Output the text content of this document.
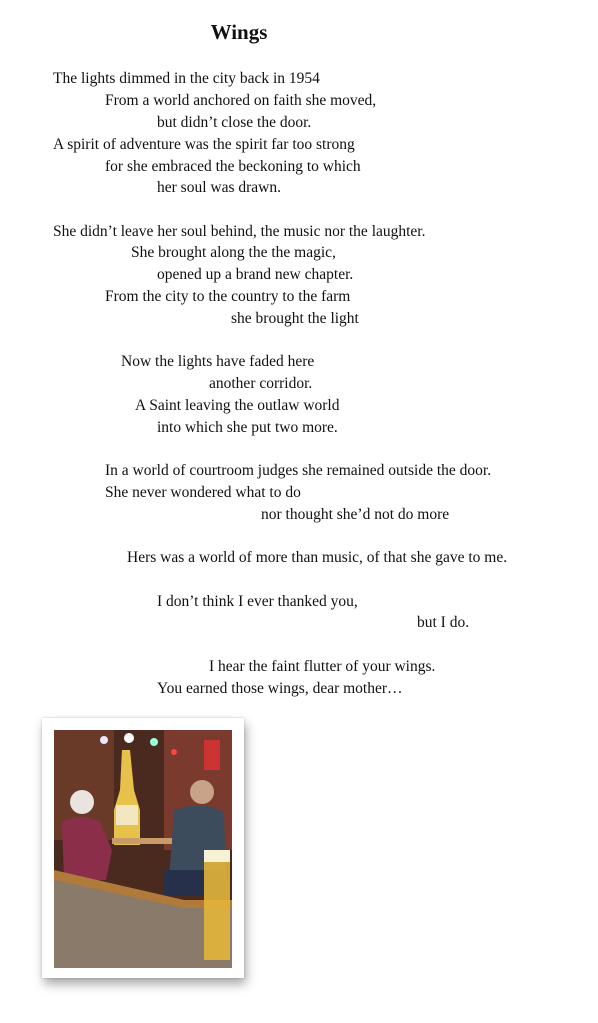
Wings
The lights dimmed in the city back in 1954
From a world anchored on faith she moved,
but didn’t close the door.
A spirit of adventure was the spirit far too strong
for she embraced the beckoning to which
her soul was drawn.
She didn’t leave her soul behind, the music nor the laughter.
She brought along the the magic,
opened up a brand new chapter.
From the city to the country to the farm
she brought the light
Now the lights have faded here
another corridor.
A Saint leaving the outlaw world
into which she put two more.
In a world of courtroom judges she remained outside the door.
She never wondered what to do
nor thought she’d not do more
Hers was a world of more than music, of that she gave to me.
I don’t think I ever thanked you,
but I do.
I hear the faint flutter of your wings.
You earned those wings, dear mother…
